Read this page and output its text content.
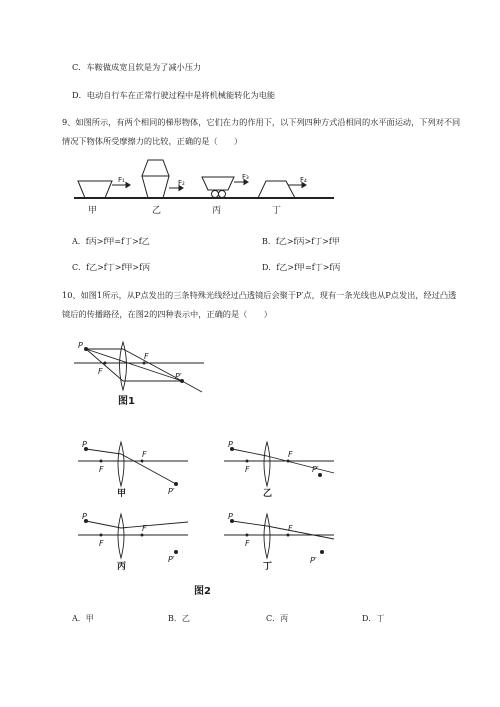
C．车鞍做成宽且软是为了减小压力
D．电动自行车在正常行驶过程中是将机械能转化为电能
9、如图所示，有两个相同的梯形物体，它们在力的作用下，以下列四种方式沿相同的水平面运动，下列对不同情况下物体所受摩擦力的比较，正确的是（　　）
F₁	F₂
F₃	F₄
甲	乙	丙	丁
A．f丙>f甲=f丁>f乙	B．f乙>f丙>f丁>f甲
C．f乙>f丁>f甲>f丙	D．f乙>f甲=f丁>f丙
10、如图1所示，从P点发出的三条特殊光线经过凸透镜后会聚于P′点，现有一条光线也从P点发出，经过凸透镜后的传播路径，在图2的四种表示中，正确的是（　　）
P
F
F
P′
图1
P
F
F
P′
甲
P
F
F
P′
乙
P
F
F
P′
丙
P
F
F
P′
丁
图2
A．甲	B．乙	C．丙	D．丁
